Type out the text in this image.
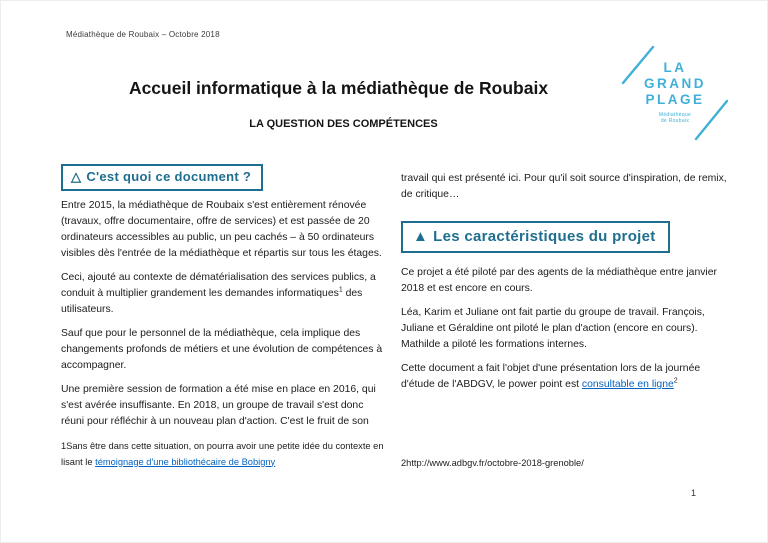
Médiathèque de Roubaix – Octobre 2018
Accueil informatique à la médiathèque de Roubaix
LA QUESTION DES COMPÉTENCES
LA
GRAND
PLAGE
Médiathèque
de Roubaix
△ C'est quoi ce document ?

Entre 2015, la médiathèque de Roubaix s'est entièrement rénovée (travaux, offre documentaire, offre de services) et est passée de 20 ordinateurs accessibles au public, un peu cachés – à 50 ordinateurs visibles dès l'entrée de la médiathèque et répartis sur tous les étages.

Ceci, ajouté au contexte de dématérialisation des services publics, a conduit à multiplier grandement les demandes informatiques$^1$ des utilisateurs.

Sauf que pour le personnel de la médiathèque, cela implique des changements profonds de métiers et une évolution de compétences à accompagner.

Une première session de formation a été mise en place en 2016, qui s'est avérée insuffisante. En 2018, un groupe de travail s'est donc réuni pour réfléchir à un nouveau plan d'action. C'est le fruit de son

travail qui est présenté ici. Pour qu'il soit source d'inspiration, de remix, de critique…

▲ Les caractéristiques du projet

Ce projet a été piloté par des agents de la médiathèque entre janvier 2018 et est encore en cours.

Léa, Karim et Juliane ont fait partie du groupe de travail. François, Juliane et Géraldine ont piloté le plan d'action (encore en cours). Mathilde a piloté les formations internes.

Cette document a fait l'objet d'une présentation lors de la journée d'étude de l'ABDGV, le power point est consultable en ligne$^2$

1Sans être dans cette situation, on pourra avoir une petite idée du contexte en lisant le témoignage d'une bibliothécaire de Bobigny	2http://www.adbgv.fr/octobre-2018-grenoble/
1
